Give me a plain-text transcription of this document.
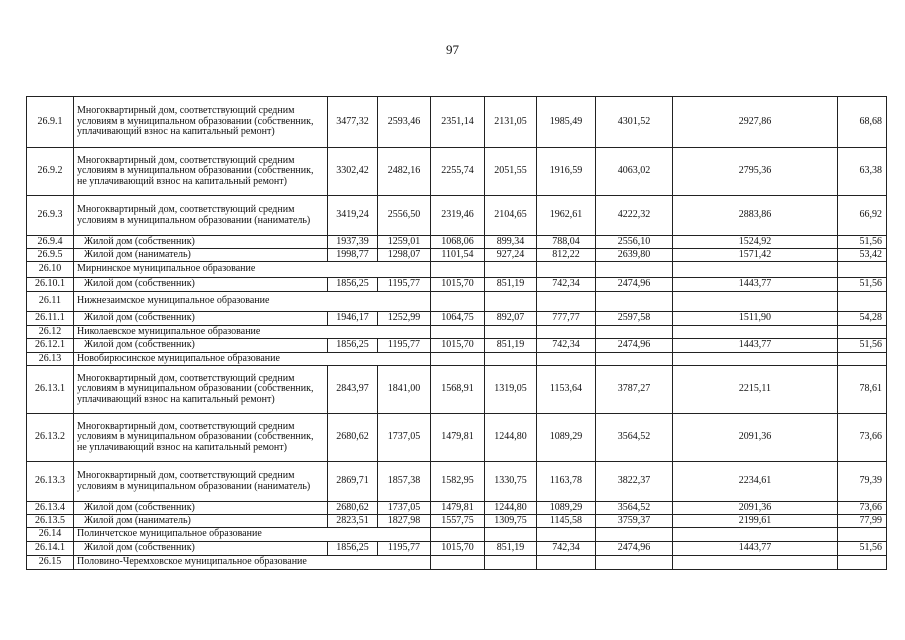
97
26.9.1	Многоквартирный дом, соответствующий средним условиям в муниципальном образовании (собственник, уплачивающий взнос на капитальный ремонт)	3477,32	2593,46	2351,14	2131,05	1985,49	4301,52	2927,86	68,68
26.9.2	Многоквартирный дом, соответствующий средним условиям в муниципальном образовании (собственник, не уплачивающий взнос на капитальный ремонт)	3302,42	2482,16	2255,74	2051,55	1916,59	4063,02	2795,36	63,38
26.9.3	Многоквартирный дом, соответствующий средним условиям в муниципальном образовании (наниматель)	3419,24	2556,50	2319,46	2104,65	1962,61	4222,32	2883,86	66,92
26.9.4	Жилой дом (собственник)	1937,39	1259,01	1068,06	899,34	788,04	2556,10	1524,92	51,56
26.9.5	Жилой дом (наниматель)	1998,77	1298,07	1101,54	927,24	812,22	2639,80	1571,42	53,42
26.10	Мирнинское муниципальное образование								
26.10.1	Жилой дом (собственник)	1856,25	1195,77	1015,70	851,19	742,34	2474,96	1443,77	51,56
26.11	Нижнезаимское муниципальное образование								
26.11.1	Жилой дом (собственник)	1946,17	1252,99	1064,75	892,07	777,77	2597,58	1511,90	54,28
26.12	Николаевское муниципальное образование								
26.12.1	Жилой дом (собственник)	1856,25	1195,77	1015,70	851,19	742,34	2474,96	1443,77	51,56
26.13	Новобирюсинское муниципальное образование								
26.13.1	Многоквартирный дом, соответствующий средним условиям в муниципальном образовании (собственник, уплачивающий взнос на капитальный ремонт)	2843,97	1841,00	1568,91	1319,05	1153,64	3787,27	2215,11	78,61
26.13.2	Многоквартирный дом, соответствующий средним условиям в муниципальном образовании (собственник, не уплачивающий взнос на капитальный ремонт)	2680,62	1737,05	1479,81	1244,80	1089,29	3564,52	2091,36	73,66
26.13.3	Многоквартирный дом, соответствующий средним условиям в муниципальном образовании (наниматель)	2869,71	1857,38	1582,95	1330,75	1163,78	3822,37	2234,61	79,39
26.13.4	Жилой дом (собственник)	2680,62	1737,05	1479,81	1244,80	1089,29	3564,52	2091,36	73,66
26.13.5	Жилой дом (наниматель)	2823,51	1827,98	1557,75	1309,75	1145,58	3759,37	2199,61	77,99
26.14	Полинчетское муниципальное образование								
26.14.1	Жилой дом (собственник)	1856,25	1195,77	1015,70	851,19	742,34	2474,96	1443,77	51,56
26.15	Половино-Черемховское муниципальное образование								
